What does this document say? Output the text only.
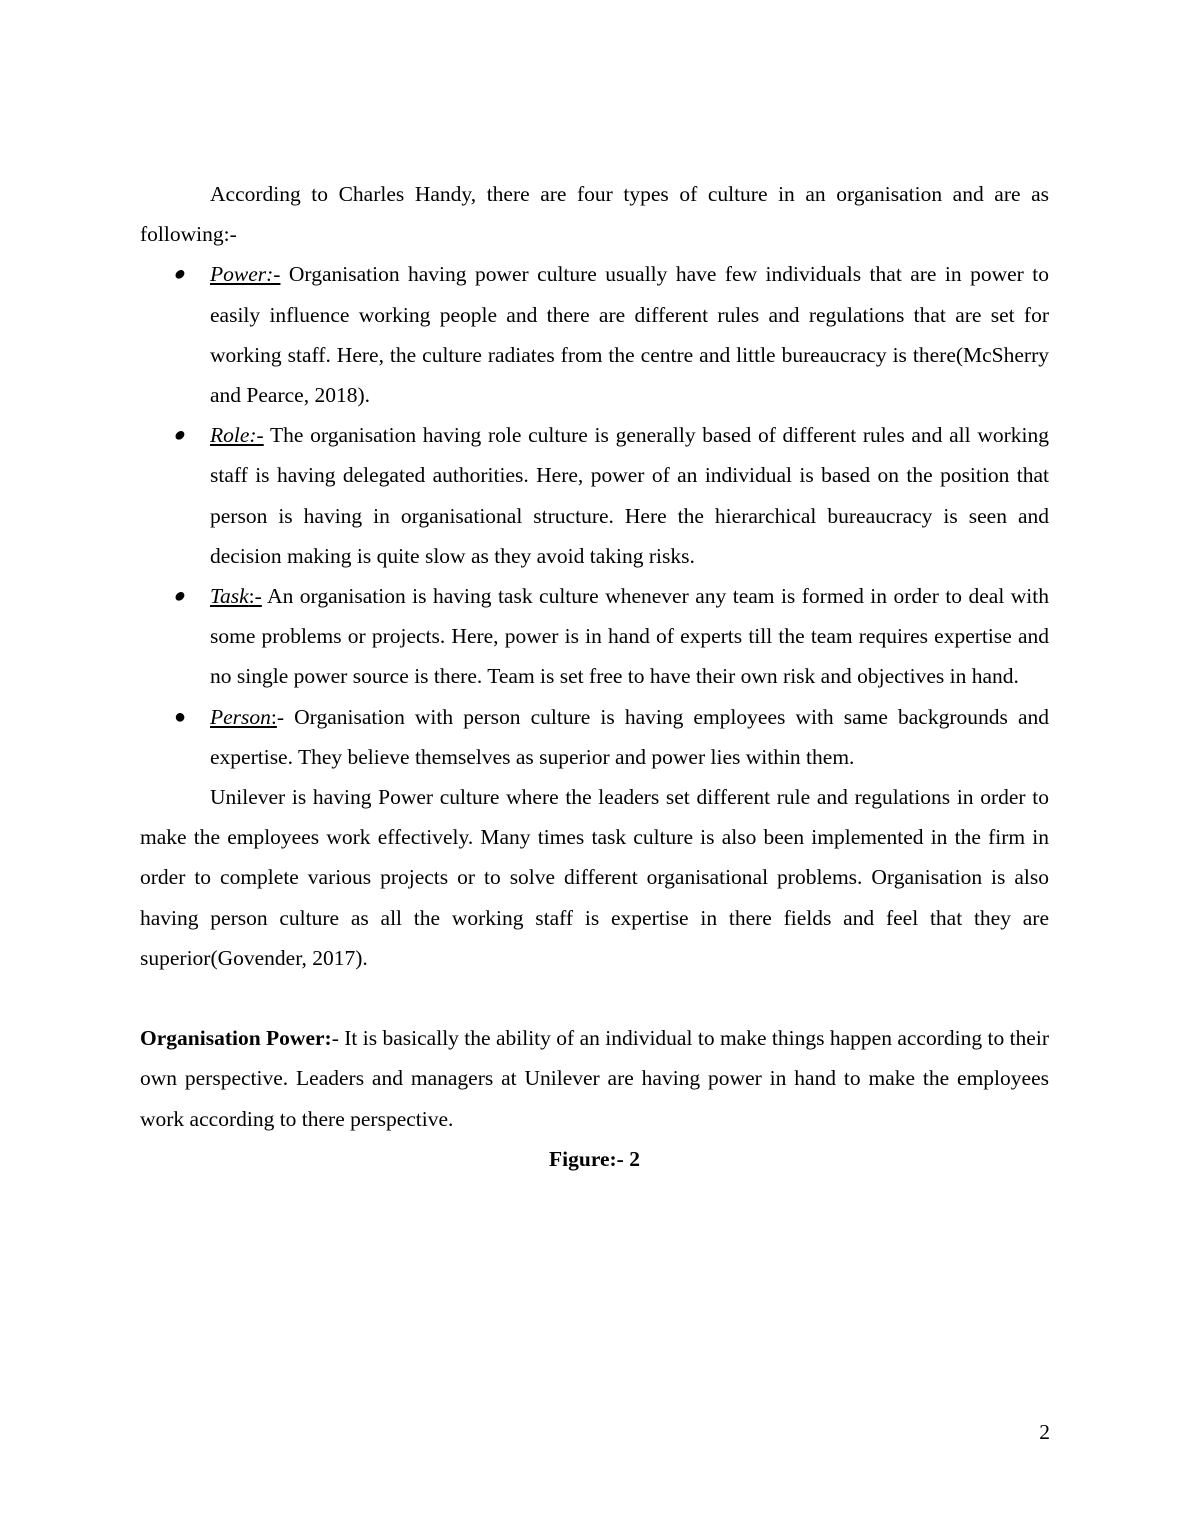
According to Charles Handy, there are four types of culture in an organisation and are as following:-

● Power:- Organisation having power culture usually have few individuals that are in power to easily influence working people and there are different rules and regulations that are set for working staff. Here, the culture radiates from the centre and little bureaucracy is there(McSherry and Pearce, 2018).
● Role:- The organisation having role culture is generally based of different rules and all working staff is having delegated authorities. Here, power of an individual is based on the position that person is having in organisational structure. Here the hierarchical bureaucracy is seen and decision making is quite slow as they avoid taking risks.
● Task:- An organisation is having task culture whenever any team is formed in order to deal with some problems or projects. Here, power is in hand of experts till the team requires expertise and no single power source is there. Team is set free to have their own risk and objectives in hand.
● Person:- Organisation with person culture is having employees with same backgrounds and expertise. They believe themselves as superior and power lies within them.

Unilever is having Power culture where the leaders set different rule and regulations in order to make the employees work effectively. Many times task culture is also been implemented in the firm in order to complete various projects or to solve different organisational problems. Organisation is also having person culture as all the working staff is expertise in there fields and feel that they are superior(Govender, 2017).

Organisation Power:- It is basically the ability of an individual to make things happen according to their own perspective. Leaders and managers at Unilever are having power in hand to make the employees work according to there perspective.

Figure:- 2

2
